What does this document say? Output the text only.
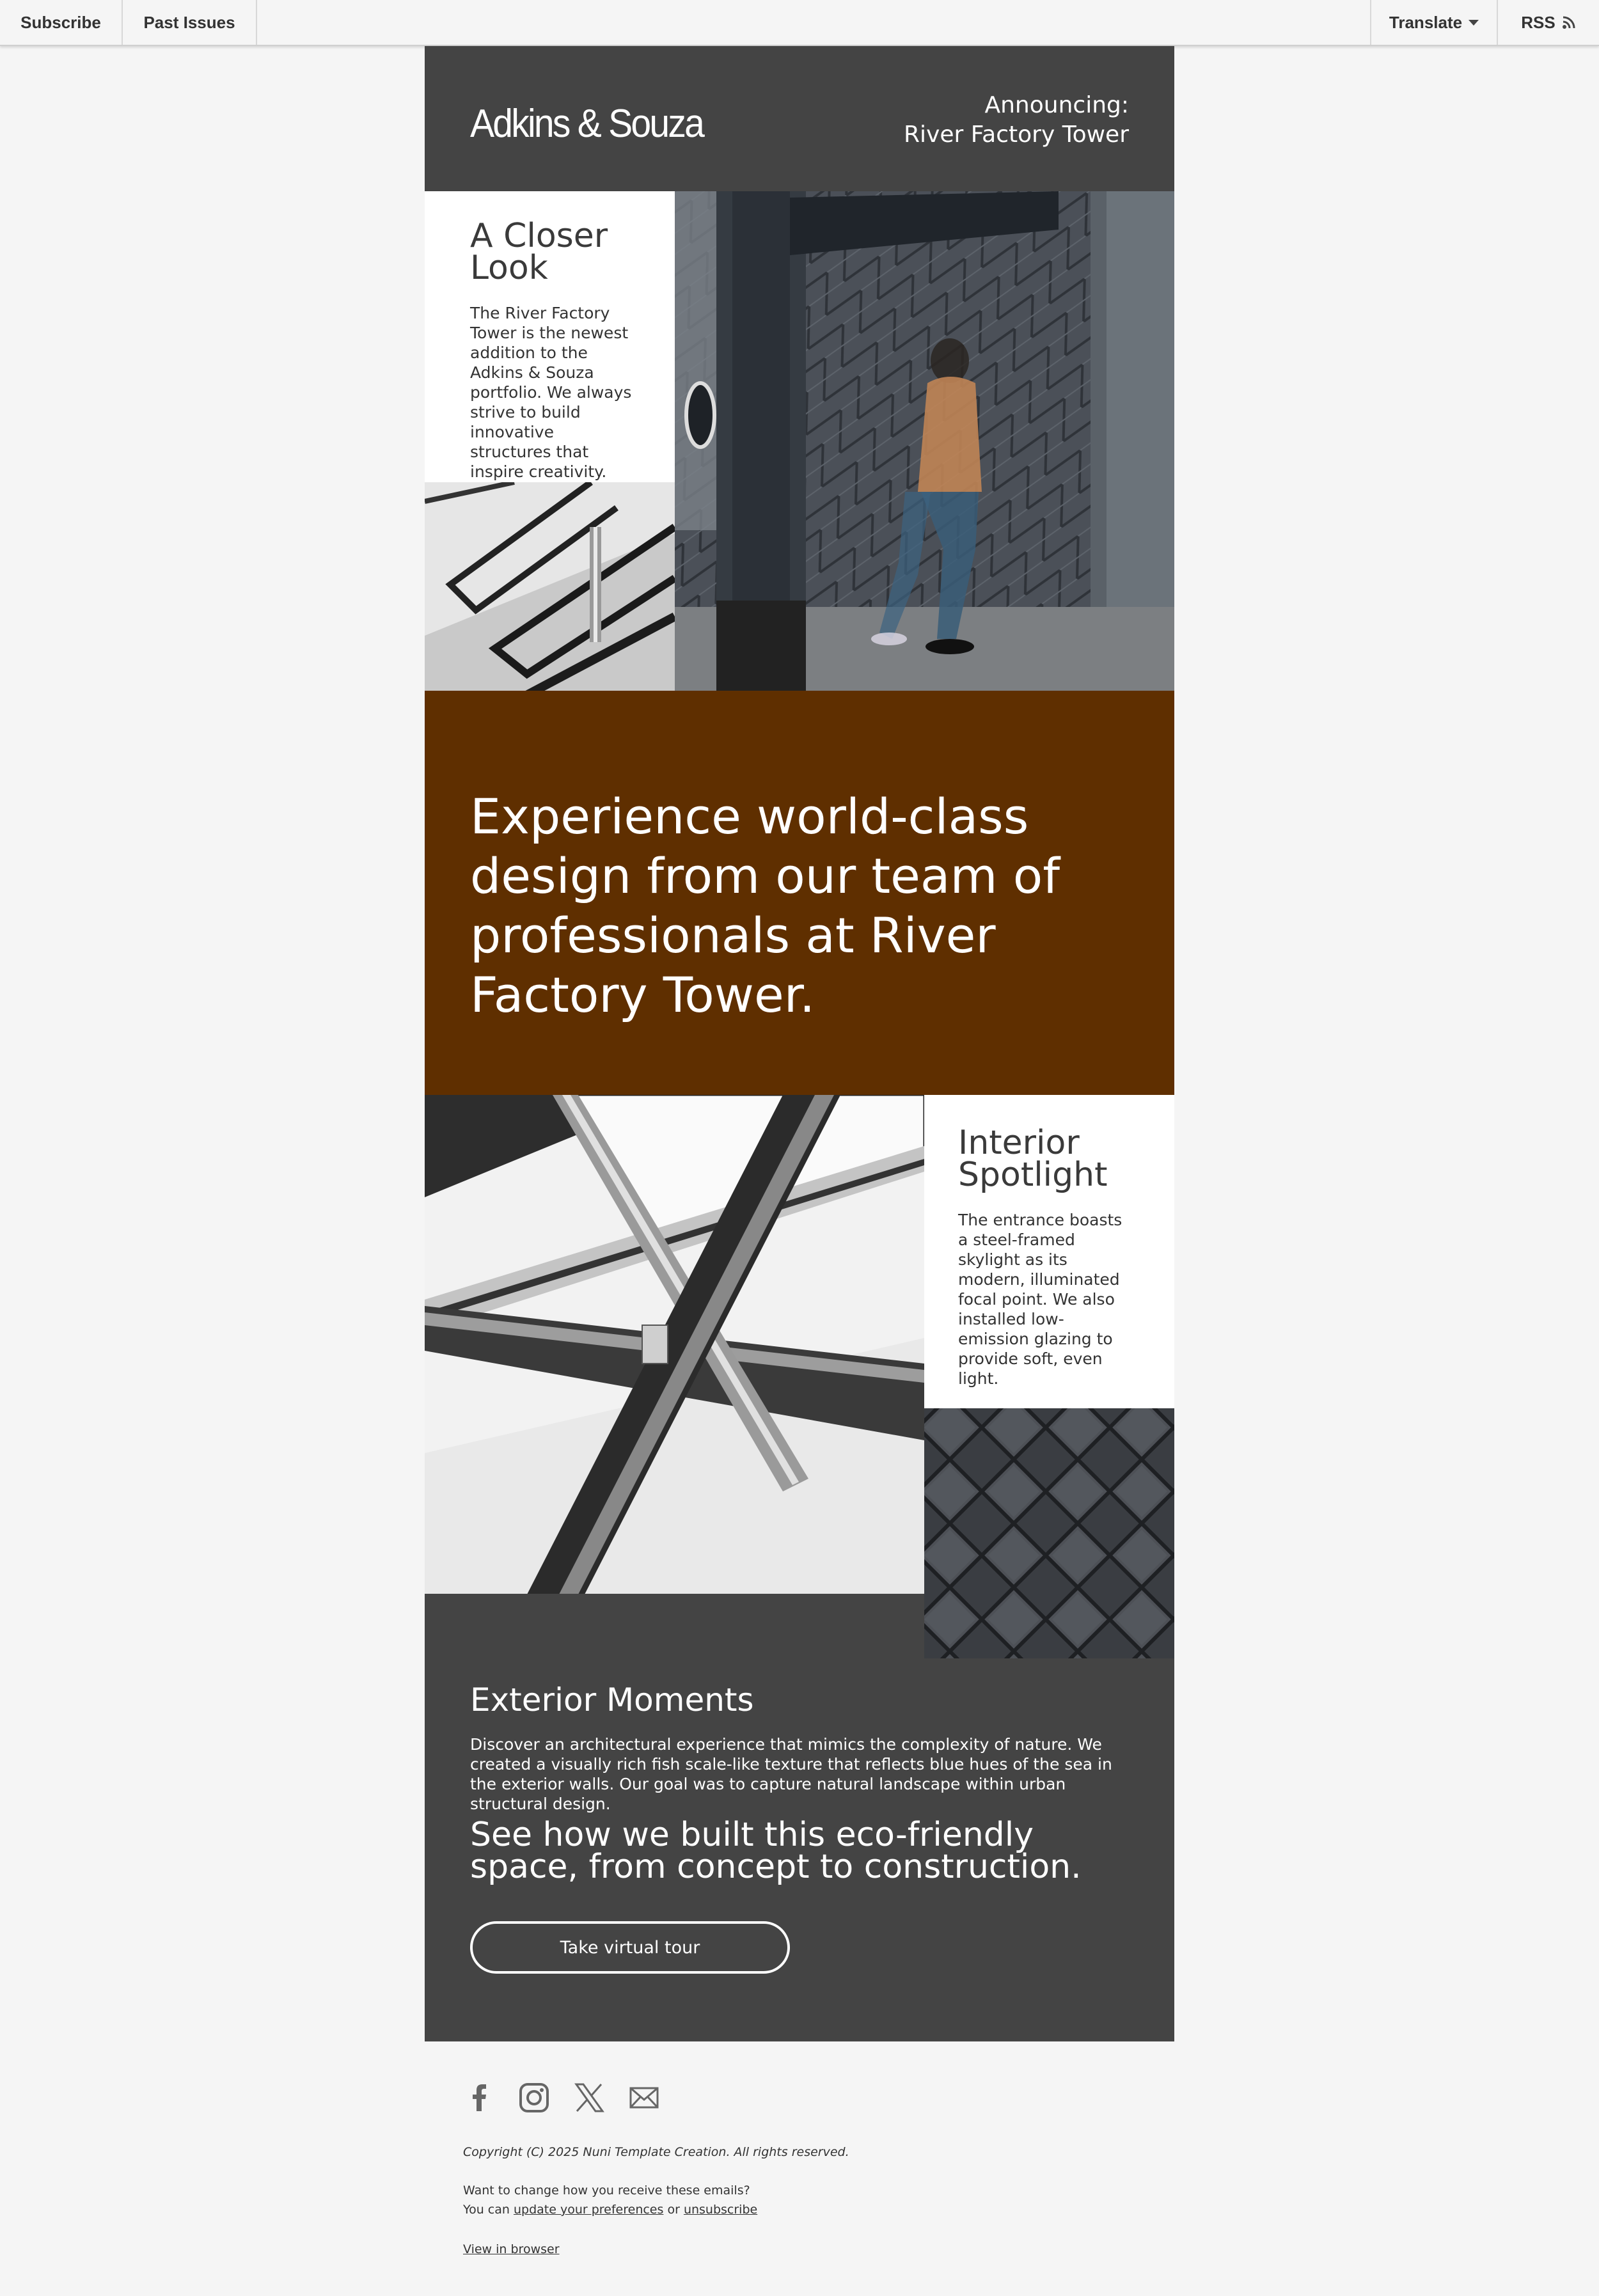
Subscribe	Past Issues	Translate	RSS
Adkins & Souza	Announcing:
River Factory Tower
A Closer
Look

The River Factory Tower is the newest addition to the Adkins & Souza portfolio. We always strive to build innovative structures that inspire creativity.

Experience world-class design from our team of professionals at River Factory Tower.
Interior
Spotlight

The entrance boasts a steel-framed skylight as its modern, illuminated focal point. We also installed low-emission glazing to provide soft, even light.

Exterior Moments
Discover an architectural experience that mimics the complexity of nature. We created a visually rich fish scale-like texture that reflects blue hues of the sea in the exterior walls. Our goal was to capture natural landscape within urban structural design.
See how we built this eco-friendly space, from concept to construction.
Take virtual tour
Copyright (C) 2025 Nuni Template Creation. All rights reserved.
Want to change how you receive these emails?
You can update your preferences or unsubscribe
View in browser
